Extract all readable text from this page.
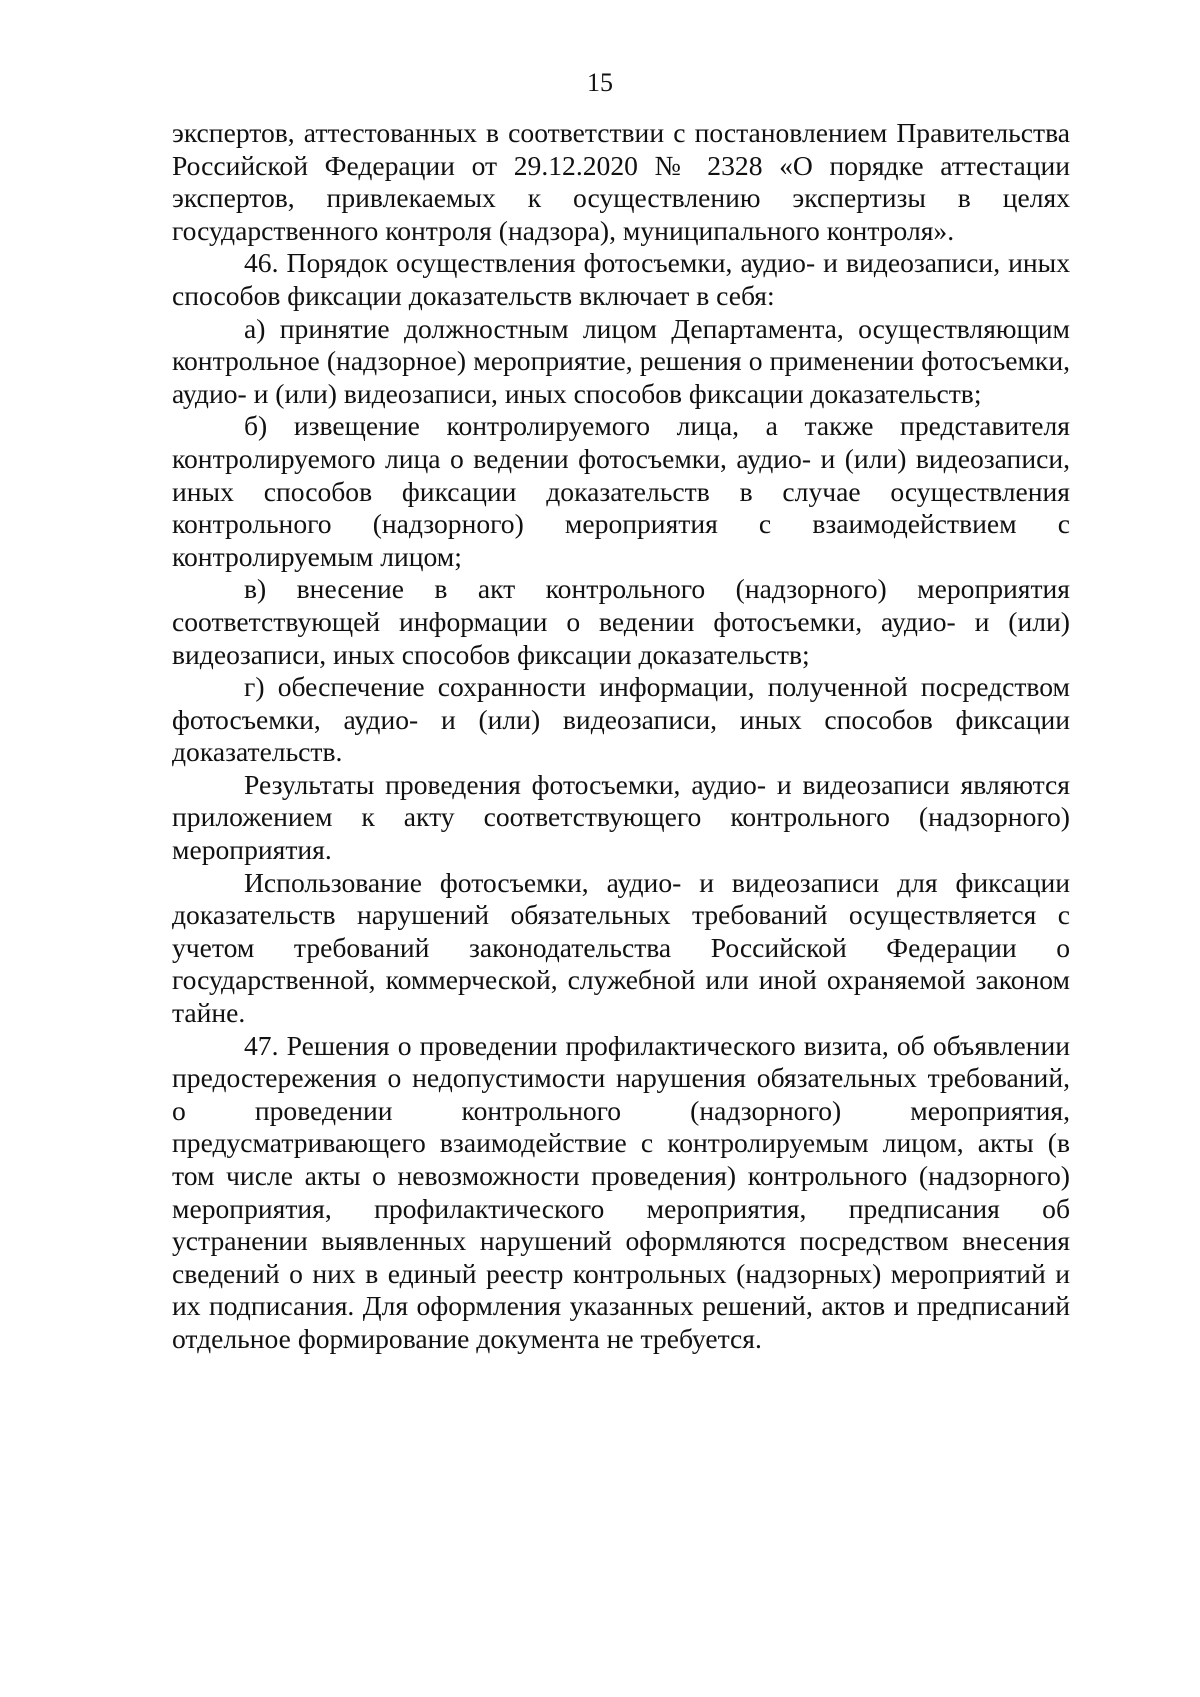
15

экспертов, аттестованных в соответствии с постановлением Правительства Российской Федерации от 29.12.2020 № 2328 «О порядке аттестации экспертов, привлекаемых к осуществлению экспертизы в целях государственного контроля (надзора), муниципального контроля».

46. Порядок осуществления фотосъемки, аудио- и видеозаписи, иных способов фиксации доказательств включает в себя:

а) принятие должностным лицом Департамента, осуществляющим контрольное (надзорное) мероприятие, решения о применении фотосъемки, аудио- и (или) видеозаписи, иных способов фиксации доказательств;

б) извещение контролируемого лица, а также представителя контролируемого лица о ведении фотосъемки, аудио- и (или) видеозаписи, иных способов фиксации доказательств в случае осуществления контрольного (надзорного) мероприятия с взаимодействием с контролируемым лицом;

в) внесение в акт контрольного (надзорного) мероприятия соответствующей информации о ведении фотосъемки, аудио- и (или) видеозаписи, иных способов фиксации доказательств;

г) обеспечение сохранности информации, полученной посредством фотосъемки, аудио- и (или) видеозаписи, иных способов фиксации доказательств.

Результаты проведения фотосъемки, аудио- и видеозаписи являются приложением к акту соответствующего контрольного (надзорного) мероприятия.

Использование фотосъемки, аудио- и видеозаписи для фиксации доказательств нарушений обязательных требований осуществляется с учетом требований законодательства Российской Федерации о государственной, коммерческой, служебной или иной охраняемой законом тайне.

47. Решения о проведении профилактического визита, об объявлении предостережения о недопустимости нарушения обязательных требований, о проведении контрольного (надзорного) мероприятия, предусматривающего взаимодействие с контролируемым лицом, акты (в том числе акты о невозможности проведения) контрольного (надзорного) мероприятия, профилактического мероприятия, предписания об устранении выявленных нарушений оформляются посредством внесения сведений о них в единый реестр контрольных (надзорных) мероприятий и их подписания. Для оформления указанных решений, актов и предписаний отдельное формирование документа не требуется.
